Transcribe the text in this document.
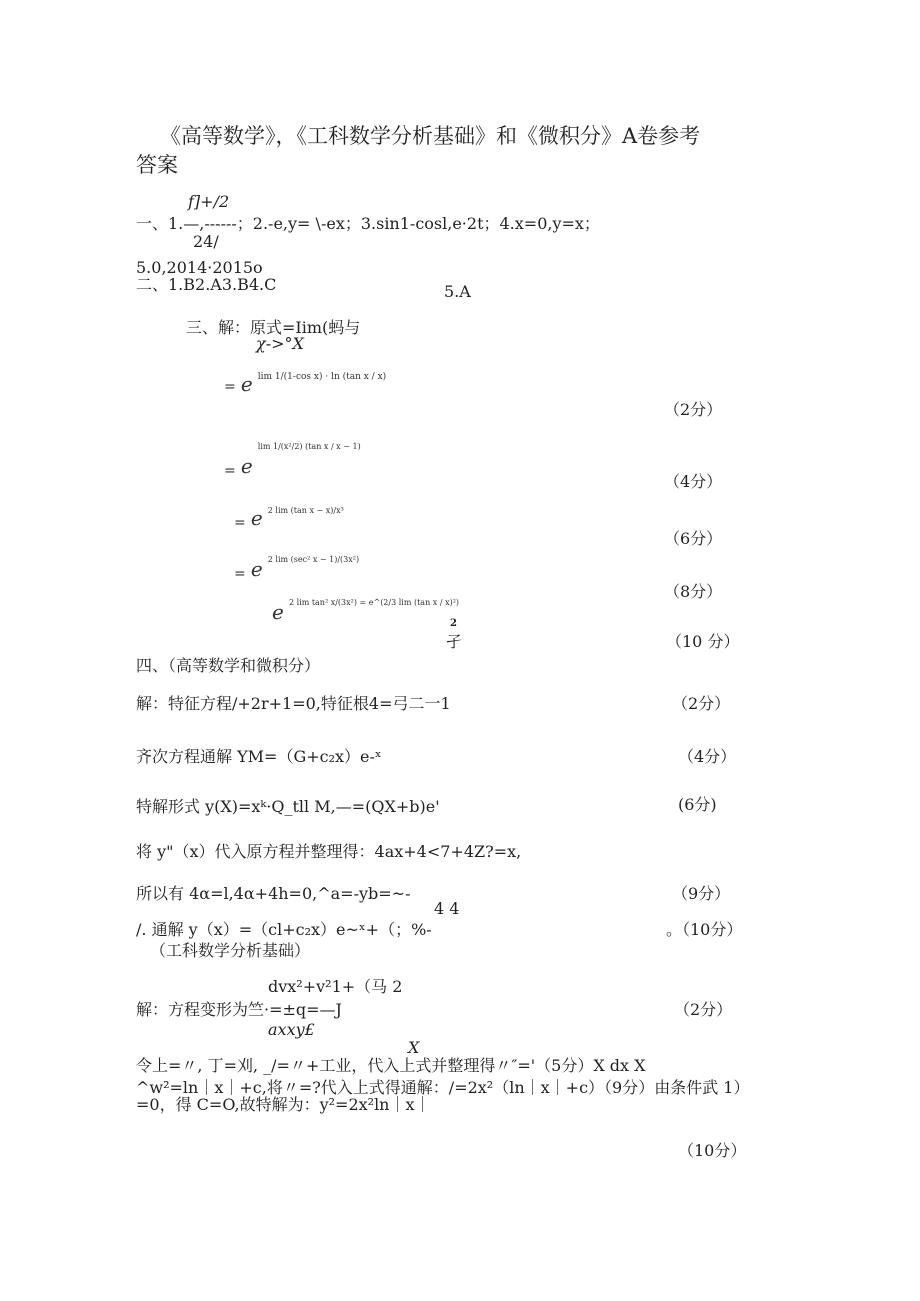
《高等数学》，《工科数学分析基础》和《微积分》A卷参考
答案
f]+/2
一、1.—,------；2.-e,y= \-ex；3.sin1-cosl,e·2t；4.x=0,y=x；
24/
5.0,2014·2015o
二、1.B2.A3.B4.C	5.A
三、解：原式=Iim(蚂与
χ->°X
= e $^{lim 1/(1-cos x) \cdot ln (tan x / x)}$
（2分）
= e lim 1/(x²/2) (tan x / x − 1)
（4分）
= e 2 lim (tan x − x)/x³
（6分）
= e 2 lim (sec² x − 1)/(3x²)
（8分）
e 2 lim tan² x/(3x²) = e^(2/3 lim (tan x / x)²)
2
孑	（10 分）
四、（高等数学和微积分）
解：特征方程/+2r+1=0,特征根4=弓二一1	（2分）
齐次方程通解 YM=（G+c₂x）e-ˣ	（4分）
特解形式 y(X)=xᵏ·Q_tll M,—=(QX+b)e'	(6分)
将 y"（x）代入原方程并整理得：4ax+4<7+4Z?=x,
所以有 4α=l,4α+4h=0,^a=-yb=~-	（9分）
4 4
/. 通解 y（x）=（cl+c₂x）e~ˣ+（；%-	。（10分）
（工科数学分析基础）
dvx²+v²1+（马 2
解：方程变形为竺·=±q=—J	（2分）
axxy£
X
令上=〃, 丁=刈, _/=〃+工业，代入上式并整理得〃″='（5分）X dx X
^w²=ln｜x｜+c,将〃=?代入上式得通解：/=2x²（ln｜x｜+c）（9分）由条件武 1）
=0，得 C=O,故特解为：y²=2x²ln｜x｜
（10分）
